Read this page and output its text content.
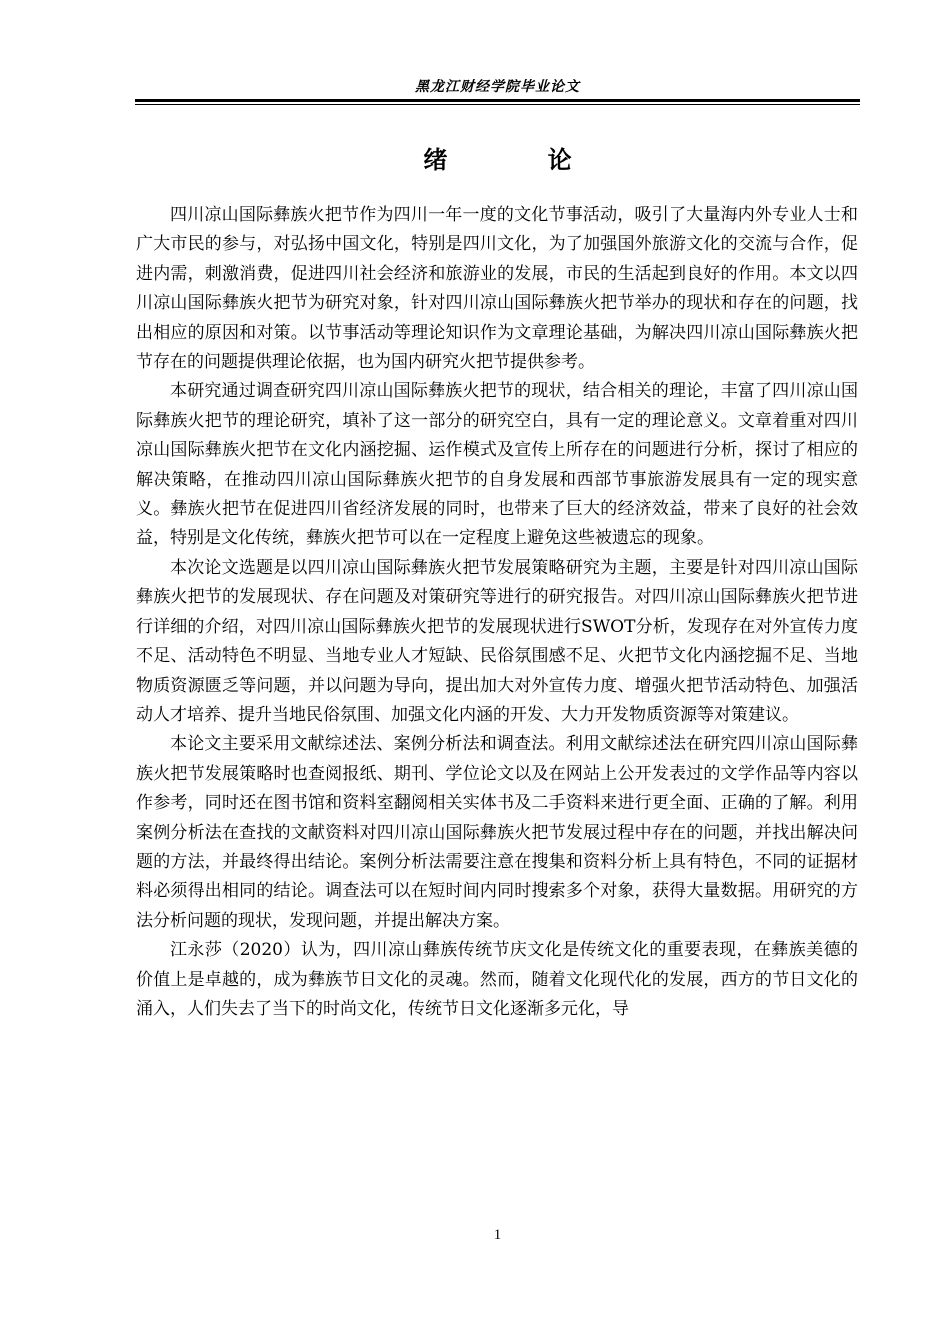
黑龙江财经学院毕业论文
绪 论

四川凉山国际彝族火把节作为四川一年一度的文化节事活动，吸引了大量海内外专业人士和广大市民的参与，对弘扬中国文化，特别是四川文化，为了加强国外旅游文化的交流与合作，促进内需，刺激消费，促进四川社会经济和旅游业的发展，市民的生活起到良好的作用。本文以四川凉山国际彝族火把节为研究对象，针对四川凉山国际彝族火把节举办的现状和存在的问题，找出相应的原因和对策。以节事活动等理论知识作为文章理论基础，为解决四川凉山国际彝族火把节存在的问题提供理论依据，也为国内研究火把节提供参考。

本研究通过调查研究四川凉山国际彝族火把节的现状，结合相关的理论，丰富了四川凉山国际彝族火把节的理论研究，填补了这一部分的研究空白，具有一定的理论意义。文章着重对四川凉山国际彝族火把节在文化内涵挖掘、运作模式及宣传上所存在的问题进行分析，探讨了相应的解决策略，在推动四川凉山国际彝族火把节的自身发展和西部节事旅游发展具有一定的现实意义。彝族火把节在促进四川省经济发展的同时，也带来了巨大的经济效益，带来了良好的社会效益，特别是文化传统，彝族火把节可以在一定程度上避免这些被遗忘的现象。

本次论文选题是以四川凉山国际彝族火把节发展策略研究为主题，主要是针对四川凉山国际彝族火把节的发展现状、存在问题及对策研究等进行的研究报告。对四川凉山国际彝族火把节进行详细的介绍，对四川凉山国际彝族火把节的发展现状进行SWOT分析，发现存在对外宣传力度不足、活动特色不明显、当地专业人才短缺、民俗氛围感不足、火把节文化内涵挖掘不足、当地物质资源匮乏等问题，并以问题为导向，提出加大对外宣传力度、增强火把节活动特色、加强活动人才培养、提升当地民俗氛围、加强文化内涵的开发、大力开发物质资源等对策建议。

本论文主要采用文献综述法、案例分析法和调查法。利用文献综述法在研究四川凉山国际彝族火把节发展策略时也查阅报纸、期刊、学位论文以及在网站上公开发表过的文学作品等内容以作参考，同时还在图书馆和资料室翻阅相关实体书及二手资料来进行更全面、正确的了解。利用案例分析法在查找的文献资料对四川凉山国际彝族火把节发展过程中存在的问题，并找出解决问题的方法，并最终得出结论。案例分析法需要注意在搜集和资料分析上具有特色，不同的证据材料必须得出相同的结论。调查法可以在短时间内同时搜索多个对象，获得大量数据。用研究的方法分析问题的现状，发现问题，并提出解决方案。

江永莎（2020）认为，四川凉山彝族传统节庆文化是传统文化的重要表现，在彝族美德的价值上是卓越的，成为彝族节日文化的灵魂。然而，随着文化现代化的发展，西方的节日文化的涌入，人们失去了当下的时尚文化，传统节日文化逐渐多元化，导

1
